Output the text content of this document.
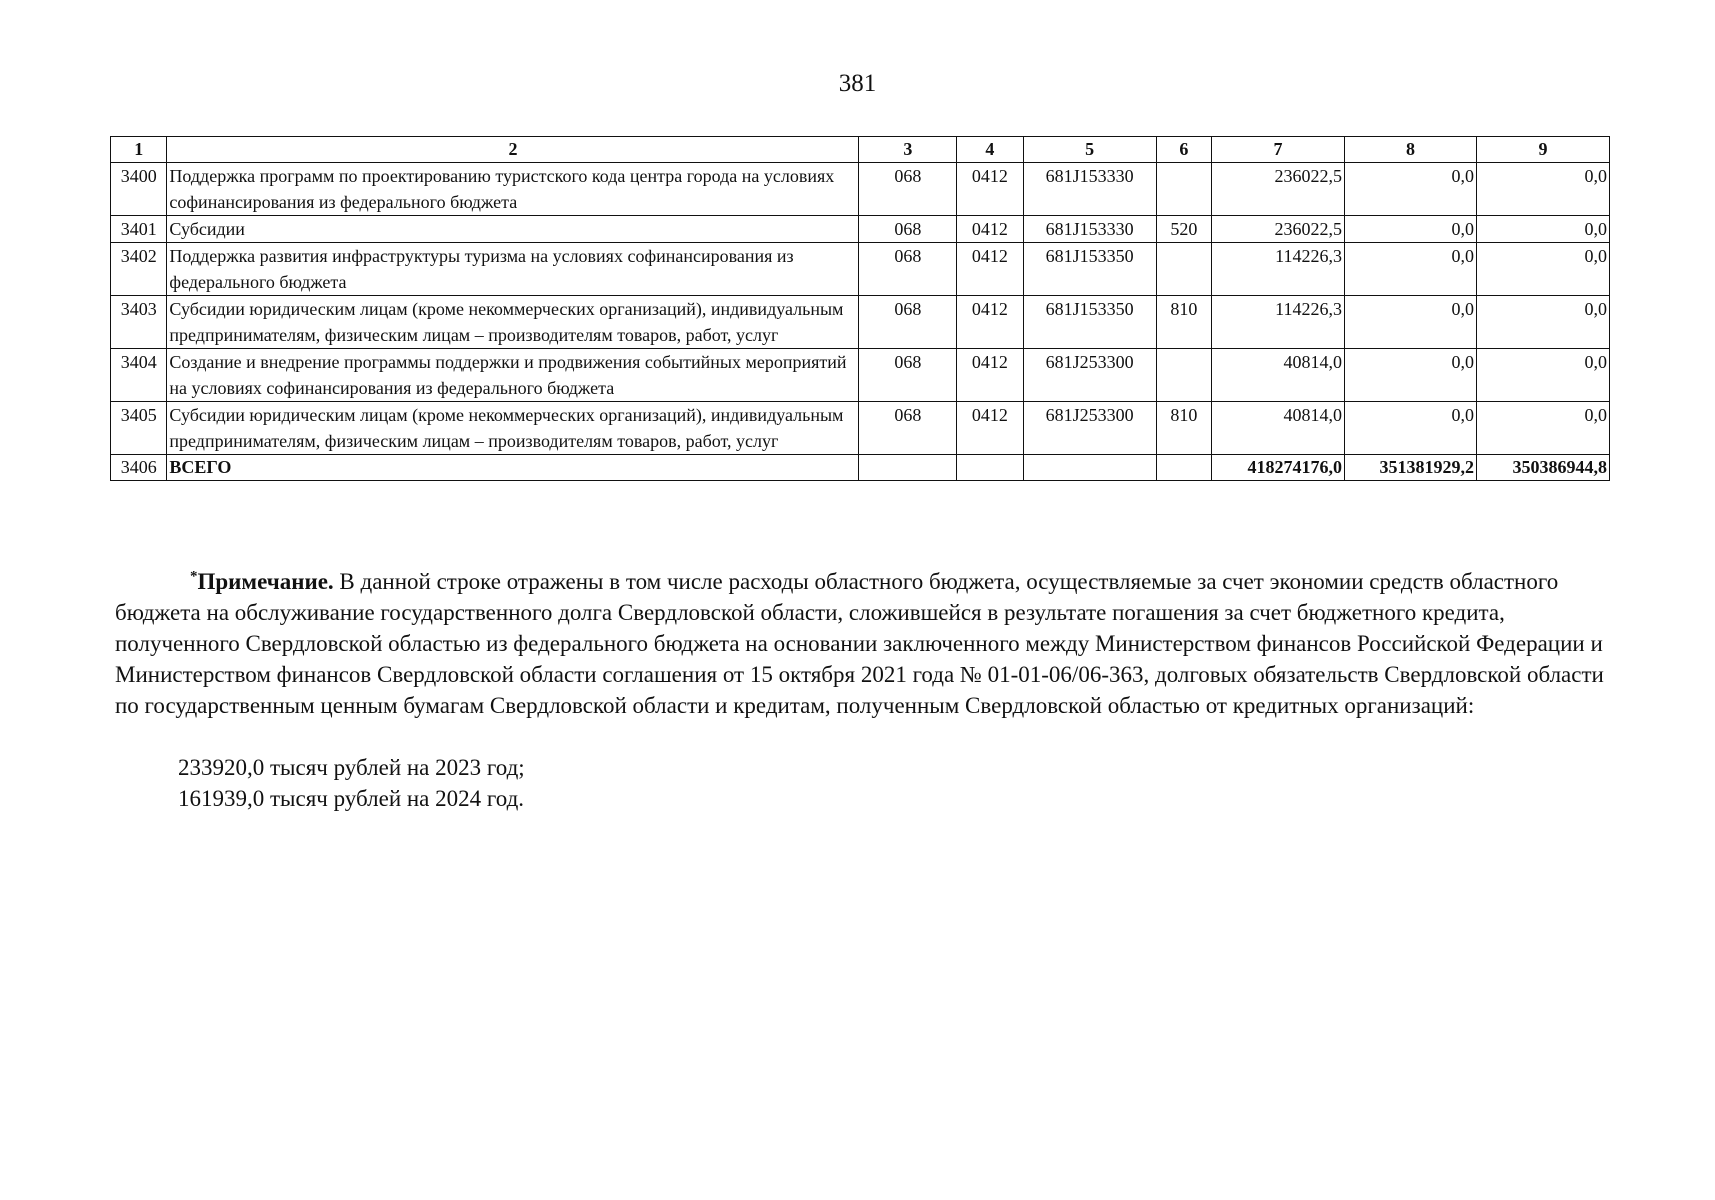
381
1	2	3	4	5	6	7	8	9
3400	Поддержка программ по проектированию туристского кода центра города на условиях софинансирования из федерального бюджета	068	0412	681J153330		236022,5	0,0	0,0
3401	Субсидии	068	0412	681J153330	520	236022,5	0,0	0,0
3402	Поддержка развития инфраструктуры туризма на условиях софинансирования из федерального бюджета	068	0412	681J153350		114226,3	0,0	0,0
3403	Субсидии юридическим лицам (кроме некоммерческих организаций), индивидуальным предпринимателям, физическим лицам – производителям товаров, работ, услуг	068	0412	681J153350	810	114226,3	0,0	0,0
3404	Создание и внедрение программы поддержки и продвижения событийных мероприятий на условиях софинансирования из федерального бюджета	068	0412	681J253300		40814,0	0,0	0,0
3405	Субсидии юридическим лицам (кроме некоммерческих организаций), индивидуальным предпринимателям, физическим лицам – производителям товаров, работ, услуг	068	0412	681J253300	810	40814,0	0,0	0,0
3406	ВСЕГО					418274176,0	351381929,2	350386944,8

*Примечание. В данной строке отражены в том числе расходы областного бюджета, осуществляемые за счет экономии средств областного бюджета на обслуживание государственного долга Свердловской области, сложившейся в результате погашения за счет бюджетного кредита, полученного Свердловской областью из федерального бюджета на основании заключенного между Министерством финансов Российской Федерации и Министерством финансов Свердловской области соглашения от 15 октября 2021 года № 01-01-06/06-363, долговых обязательств Свердловской области по государственным ценным бумагам Свердловской области и кредитам, полученным Свердловской областью от кредитных организаций:

233920,0 тысяч рублей на 2023 год;
161939,0 тысяч рублей на 2024 год.
